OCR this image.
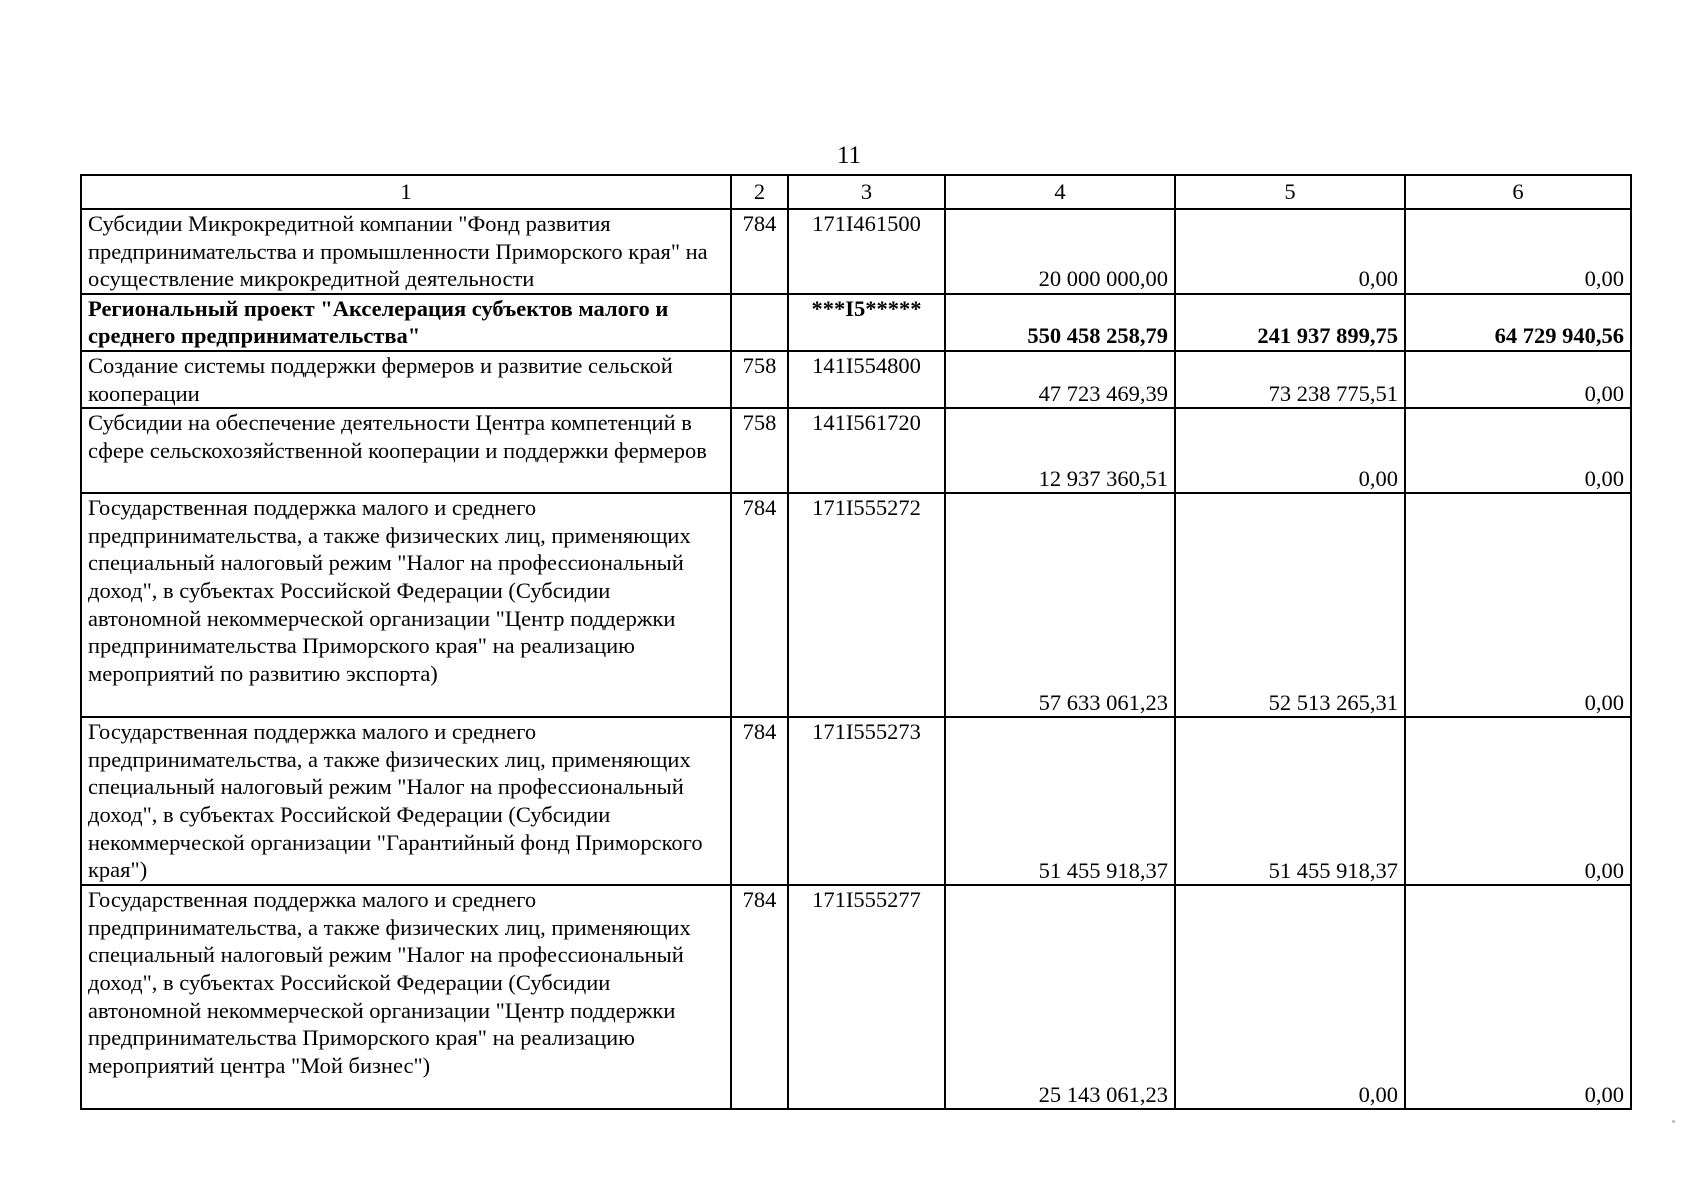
11
1	2	3	4	5	6
Субсидии Микрокредитной компании "Фонд развития предпринимательства и промышленности Приморского края" на осуществление микрокредитной деятельности	784	171I461500	20 000 000,00	0,00	0,00
Региональный проект "Акселерация субъектов малого и среднего предпринимательства"		***I5*****	550 458 258,79	241 937 899,75	64 729 940,56
Создание системы поддержки фермеров и развитие сельской кооперации	758	141I554800	47 723 469,39	73 238 775,51	0,00
Субсидии на обеспечение деятельности Центра компетенций в сфере сельскохозяйственной кооперации и поддержки фермеров	758	141I561720	12 937 360,51	0,00	0,00
Государственная поддержка малого и среднего предпринимательства, а также физических лиц, применяющих специальный налоговый режим "Налог на профессиональный доход", в субъектах Российской Федерации (Субсидии автономной некоммерческой организации "Центр поддержки предпринимательства Приморского края" на реализацию мероприятий по развитию экспорта)	784	171I555272	57 633 061,23	52 513 265,31	0,00
Государственная поддержка малого и среднего предпринимательства, а также физических лиц, применяющих специальный налоговый режим "Налог на профессиональный доход", в субъектах Российской Федерации (Субсидии некоммерческой организации "Гарантийный фонд Приморского края")	784	171I555273	51 455 918,37	51 455 918,37	0,00
Государственная поддержка малого и среднего предпринимательства, а также физических лиц, применяющих специальный налоговый режим "Налог на профессиональный доход", в субъектах Российской Федерации (Субсидии автономной некоммерческой организации "Центр поддержки предпринимательства Приморского края" на реализацию мероприятий центра "Мой бизнес")	784	171I555277	25 143 061,23	0,00	0,00
